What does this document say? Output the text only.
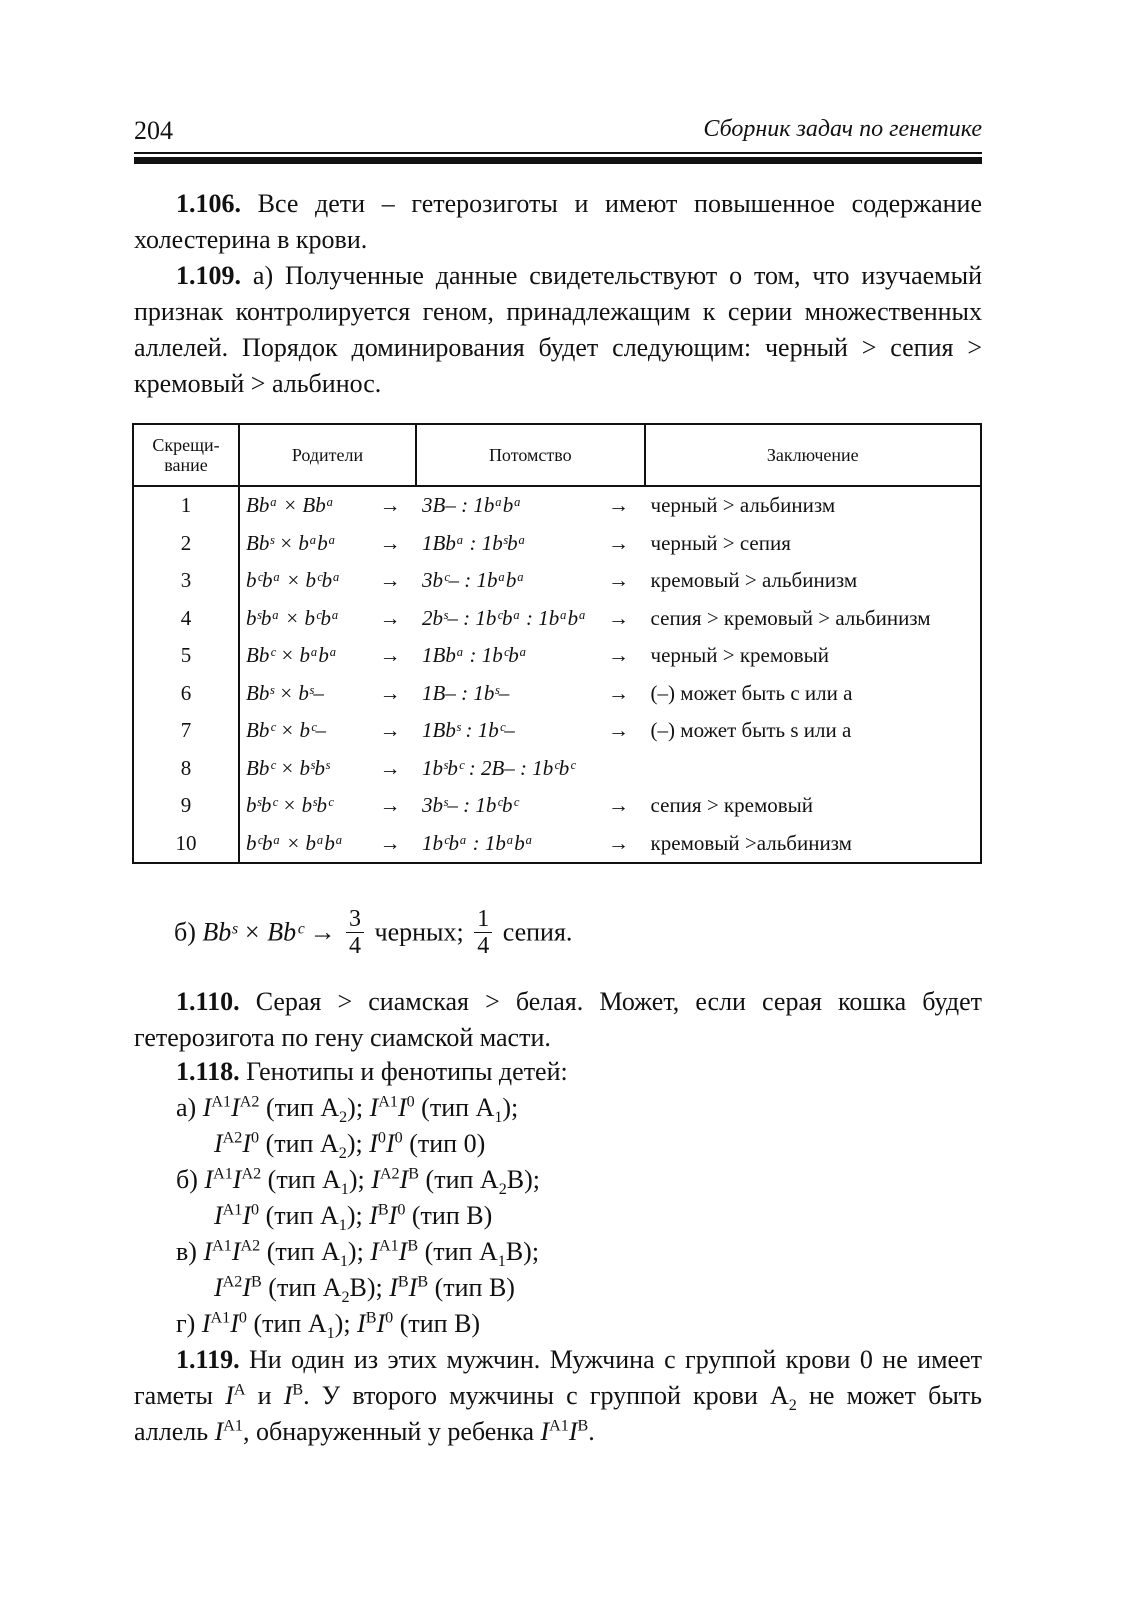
204	Сборник задач по генетике
1.106. Все дети – гетерозиготы и имеют повышенное содержание холестерина в крови.
1.109. а) Полученные данные свидетельствуют о том, что изучаемый признак контролируется геном, принадлежащим к серии множественных аллелей. Порядок доминирования будет следующим: черный > сепия > кремовый > альбинос.
Скрещи-вание	Родители		Потомство		Заключение
1	Bbᵃ × Bbᵃ	→	3B– : 1bᵃbᵃ	→	черный > альбинизм
2	Bbˢ × bᵃbᵃ	→	1Bbᵃ : 1bˢbᵃ	→	черный > сепия
3	bᶜbᵃ × bᶜbᵃ	→	3bᶜ– : 1bᵃbᵃ	→	кремовый > альбинизм
4	bˢbᵃ × bᶜbᵃ	→	2bˢ– : 1bᶜbᵃ : 1bᵃbᵃ	→	сепия > кремовый > альбинизм
5	Bbᶜ × bᵃbᵃ	→	1Bbᵃ : 1bᶜbᵃ	→	черный > кремовый
6	Bbˢ × bˢ–	→	1B– : 1bˢ–	→	(–) может быть c или a
7	Bbᶜ × bᶜ–	→	1Bbˢ : 1bᶜ–	→	(–) может быть s или a
8	Bbᶜ × bˢbˢ	→	1bˢbᶜ : 2B– : 1bᶜbᶜ		
9	bˢbᶜ × bˢbᶜ	→	3bˢ– : 1bᶜbᶜ	→	сепия > кремовый
10	bᶜbᵃ × bᵃbᵃ	→	1bᶜbᵃ : 1bᵃbᵃ	→	кремовый >альбинизм
б) Bbˢ × Bbᶜ → $\frac{3}{4}$ черных; $\frac{1}{4}$ сепия.
1.110. Серая > сиамская > белая. Может, если серая кошка будет гетерозигота по гену сиамской масти.
1.118. Генотипы и фенотипы детей:
а) $I^{A1}I^{A2}$ (тип $A_2$); $I^{A1}I^0$ (тип $A_1$);
$I^{A2}I^0$ (тип $A_2$); $I^0I^0$ (тип 0)
б) $I^{A1}I^{A2}$ (тип $A_1$); $I^{A2}I^B$ (тип $A_2B$);
$I^{A1}I^0$ (тип $A_1$); $I^BI^0$ (тип B)
в) $I^{A1}I^{A2}$ (тип $A_1$); $I^{A1}I^B$ (тип $A_1B$);
$I^{A2}I^B$ (тип $A_2B$); $I^BI^B$ (тип B)
г) $I^{A1}I^0$ (тип $A_1$); $I^BI^0$ (тип B)
1.119. Ни один из этих мужчин. Мужчина с группой крови 0 не имеет гаметы $I^A$ и $I^B$. У второго мужчины с группой крови $A_2$ не может быть аллель $I^{A1}$, обнаруженный у ребенка $I^{A1}I^B$.
